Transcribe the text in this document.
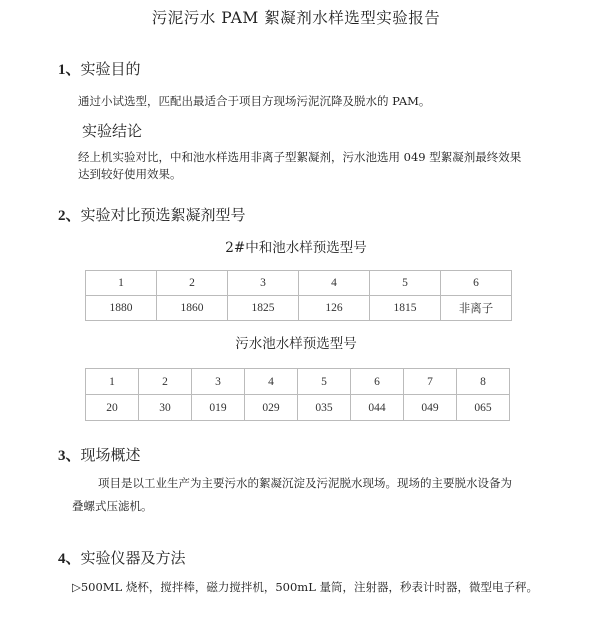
污泥污水 PAM 絮凝剂水样选型实验报告
1、实验目的
通过小试选型，匹配出最适合于项目方现场污泥沉降及脱水的 PAM。
实验结论
经上机实验对比，中和池水样选用非离子型絮凝剂，污水池选用 049 型絮凝剂最终效果
达到较好使用效果。
2、实验对比预选絮凝剂型号
2#中和池水样预选型号
1	2	3	4	5	6
1880	1860	1825	126	1815	非离子
污水池水样预选型号
1	2	3	4	5	6	7	8
20	30	019	029	035	044	049	065
3、现场概述
项目是以工业生产为主要污水的絮凝沉淀及污泥脱水现场。现场的主要脱水设备为
叠螺式压滤机。
4、实验仪器及方法
▷500ML 烧杯，搅拌棒，磁力搅拌机，500mL 量筒，注射器，秒表计时器，微型电子秤。
